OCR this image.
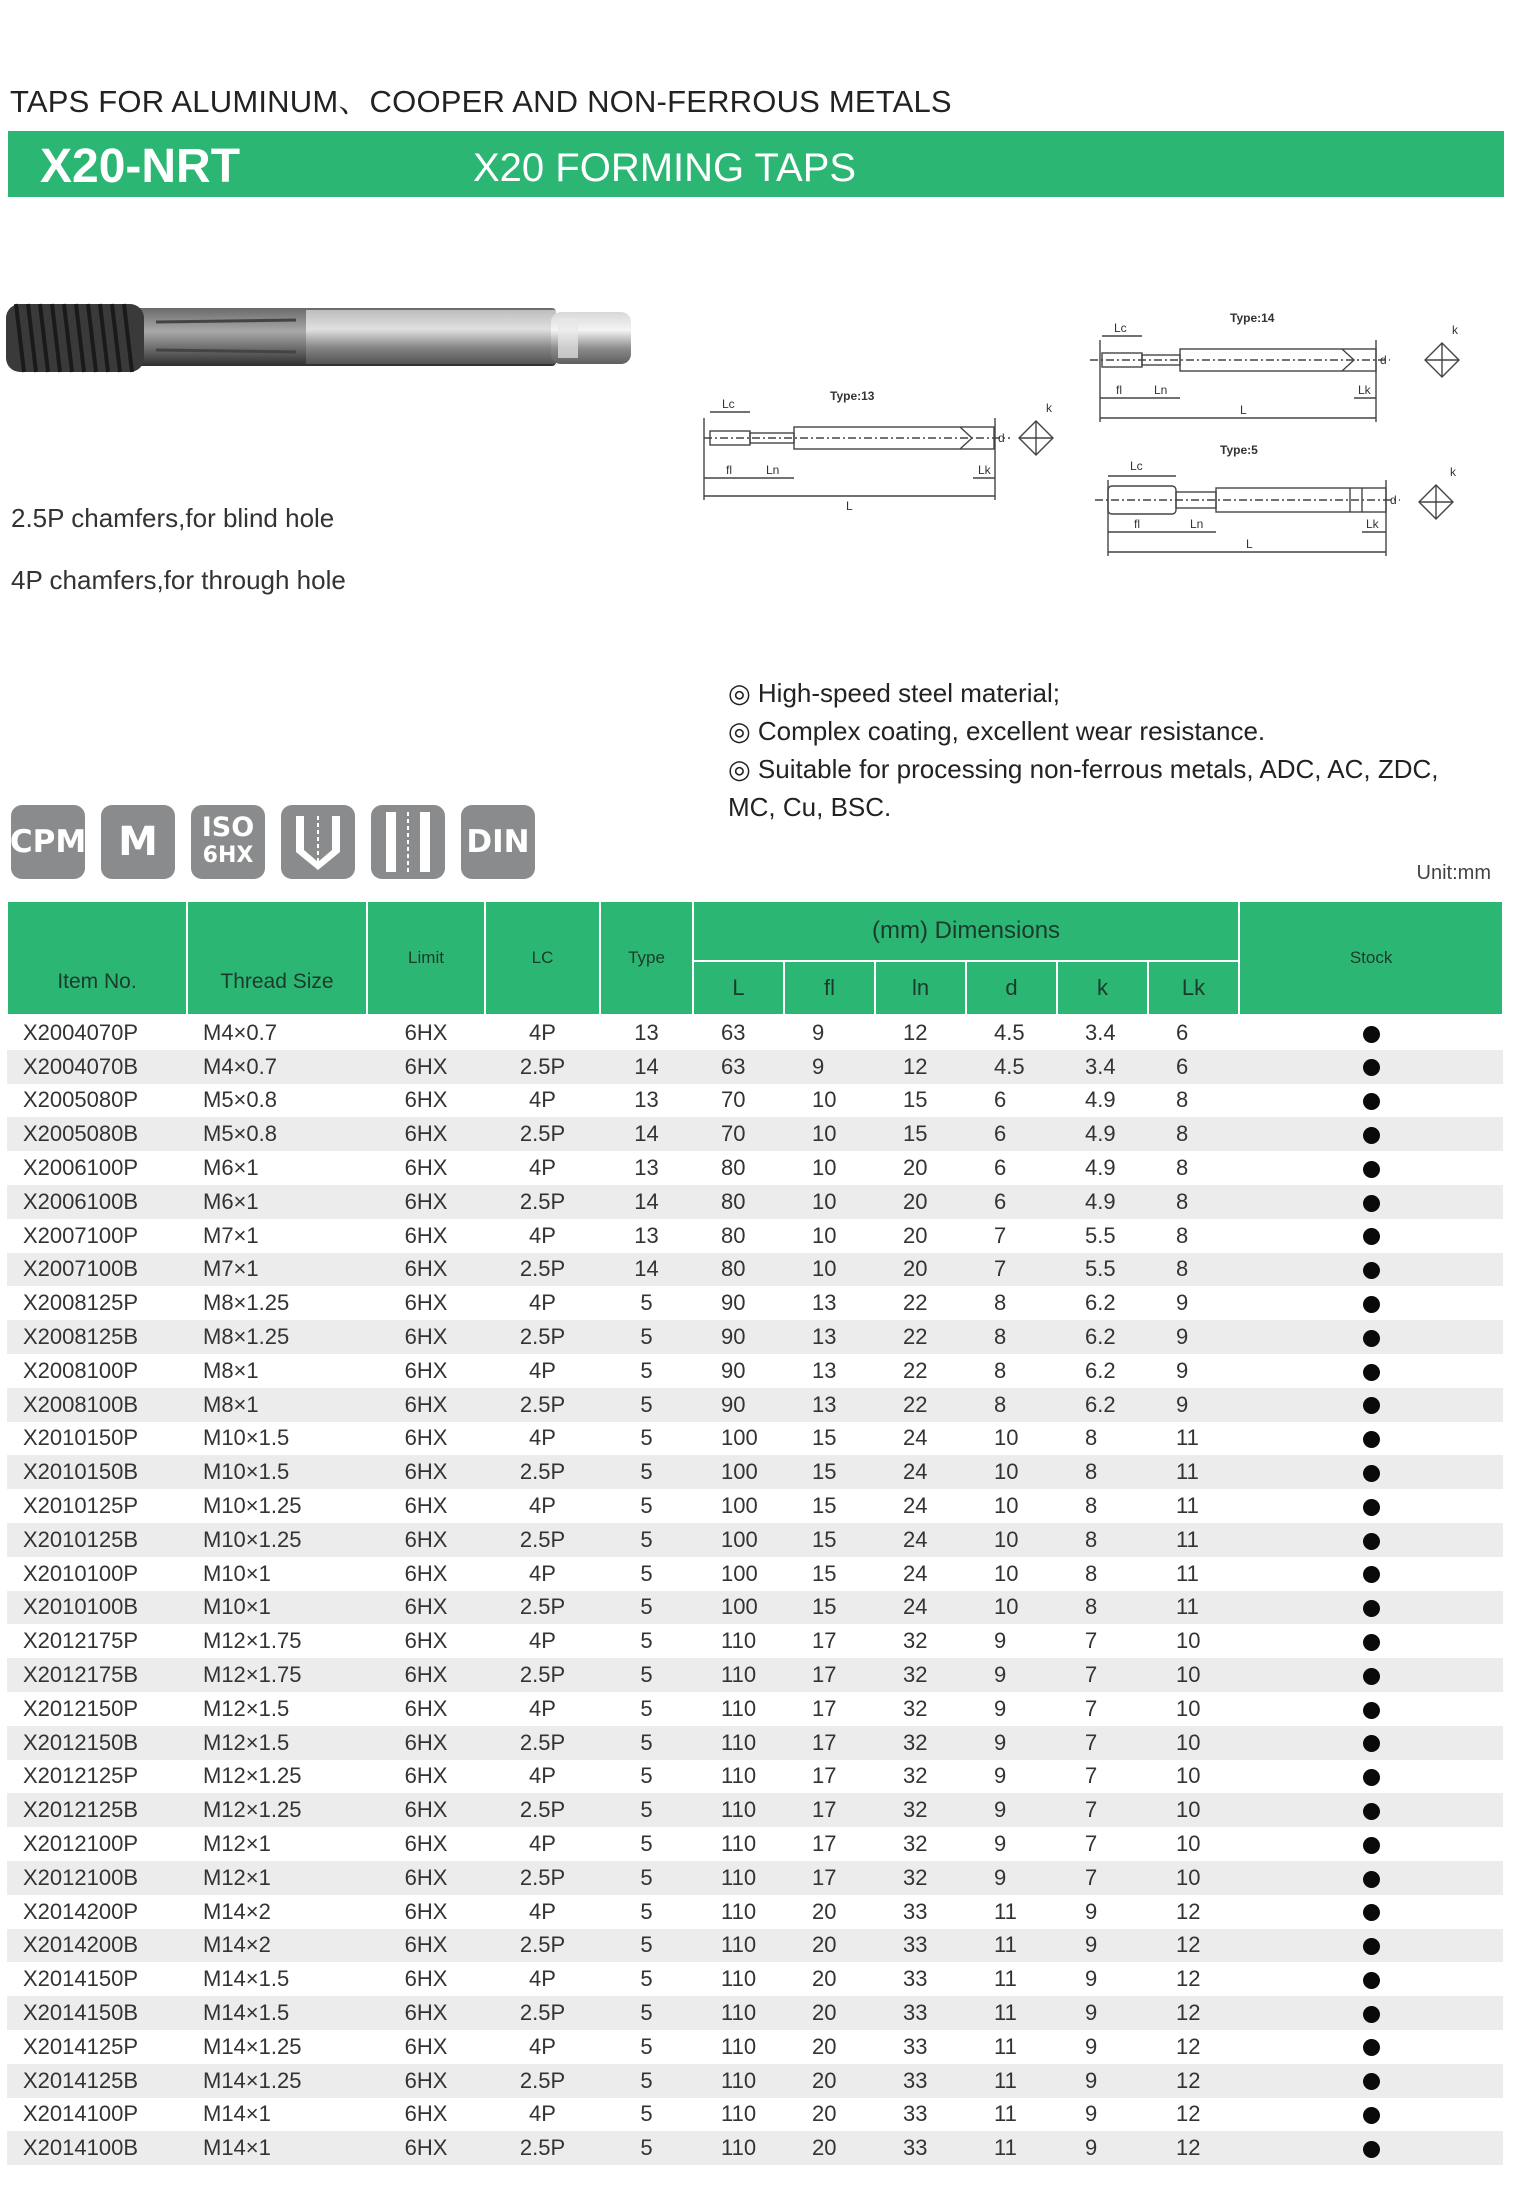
TAPS FOR ALUMINUM、COOPER AND NON-FERROUS METALS
X20-NRT	X20 FORMING TAPS
2.5P chamfers,for blind hole
4P chamfers,for through hole
Type:13
Lc
fl	Ln
L
Lk
d
k
Type:14
Lc
fl	Ln
L
Lk
d
k
Type:5
Lc
fl	Ln
L
Lk
d
k

◎ High-speed steel material;

◎ Complex coating, excellent wear resistance.

◎ Suitable for processing non-ferrous metals, ADC, AC, ZDC, MC, Cu, BSC.

CPM M	ISO
6HX	DIN
Unit:mm
Item No.	Thread Size	Limit	LC	Type	(mm) Dimensions						Stock
					L	fl	ln	d	k	Lk	
X2004070P	M4×0.7	6HX	4P	13	63	9	12	4.5	3.4	6	
X2004070B	M4×0.7	6HX	2.5P	14	63	9	12	4.5	3.4	6	
X2005080P	M5×0.8	6HX	4P	13	70	10	15	6	4.9	8	
X2005080B	M5×0.8	6HX	2.5P	14	70	10	15	6	4.9	8	
X2006100P	M6×1	6HX	4P	13	80	10	20	6	4.9	8	
X2006100B	M6×1	6HX	2.5P	14	80	10	20	6	4.9	8	
X2007100P	M7×1	6HX	4P	13	80	10	20	7	5.5	8	
X2007100B	M7×1	6HX	2.5P	14	80	10	20	7	5.5	8	
X2008125P	M8×1.25	6HX	4P	5	90	13	22	8	6.2	9	
X2008125B	M8×1.25	6HX	2.5P	5	90	13	22	8	6.2	9	
X2008100P	M8×1	6HX	4P	5	90	13	22	8	6.2	9	
X2008100B	M8×1	6HX	2.5P	5	90	13	22	8	6.2	9	
X2010150P	M10×1.5	6HX	4P	5	100	15	24	10	8	11	
X2010150B	M10×1.5	6HX	2.5P	5	100	15	24	10	8	11	
X2010125P	M10×1.25	6HX	4P	5	100	15	24	10	8	11	
X2010125B	M10×1.25	6HX	2.5P	5	100	15	24	10	8	11	
X2010100P	M10×1	6HX	4P	5	100	15	24	10	8	11	
X2010100B	M10×1	6HX	2.5P	5	100	15	24	10	8	11	
X2012175P	M12×1.75	6HX	4P	5	110	17	32	9	7	10	
X2012175B	M12×1.75	6HX	2.5P	5	110	17	32	9	7	10	
X2012150P	M12×1.5	6HX	4P	5	110	17	32	9	7	10	
X2012150B	M12×1.5	6HX	2.5P	5	110	17	32	9	7	10	
X2012125P	M12×1.25	6HX	4P	5	110	17	32	9	7	10	
X2012125B	M12×1.25	6HX	2.5P	5	110	17	32	9	7	10	
X2012100P	M12×1	6HX	4P	5	110	17	32	9	7	10	
X2012100B	M12×1	6HX	2.5P	5	110	17	32	9	7	10	
X2014200P	M14×2	6HX	4P	5	110	20	33	11	9	12	
X2014200B	M14×2	6HX	2.5P	5	110	20	33	11	9	12	
X2014150P	M14×1.5	6HX	4P	5	110	20	33	11	9	12	
X2014150B	M14×1.5	6HX	2.5P	5	110	20	33	11	9	12	
X2014125P	M14×1.25	6HX	4P	5	110	20	33	11	9	12	
X2014125B	M14×1.25	6HX	2.5P	5	110	20	33	11	9	12	
X2014100P	M14×1	6HX	4P	5	110	20	33	11	9	12	
X2014100B	M14×1	6HX	2.5P	5	110	20	33	11	9	12	
